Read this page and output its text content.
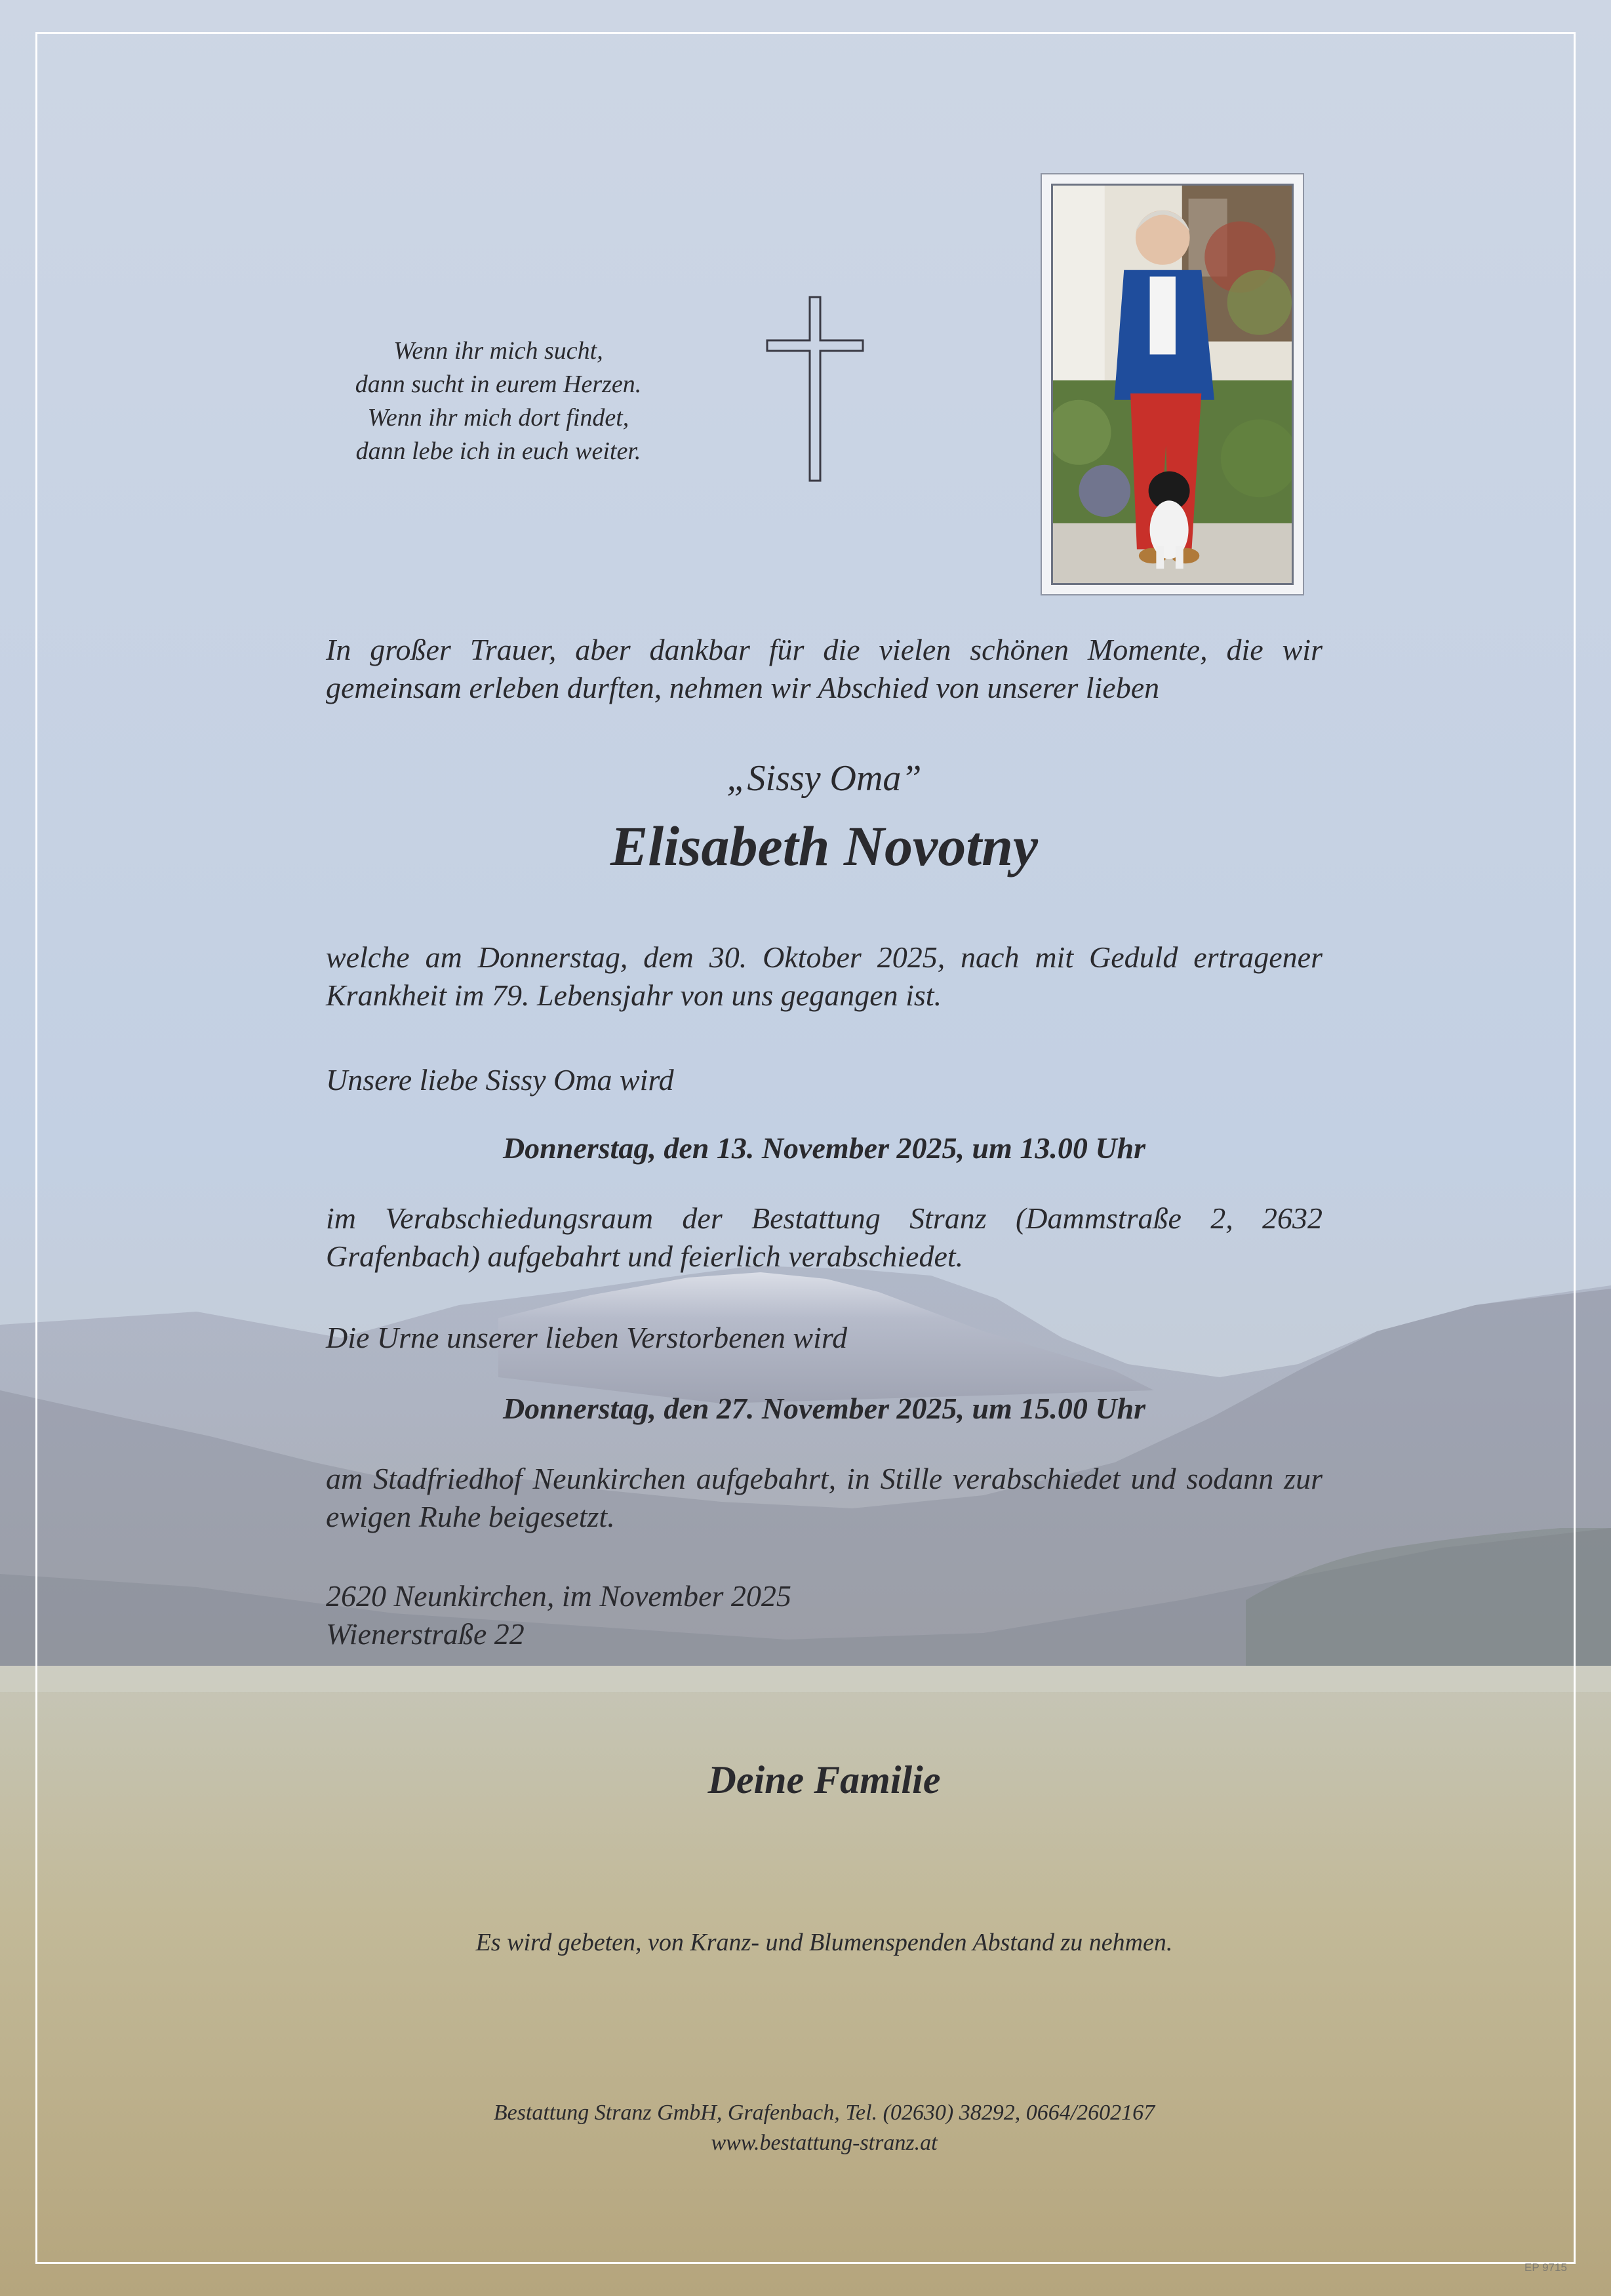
Wenn ihr mich sucht,
dann sucht in eurem Herzen.
Wenn ihr mich dort findet,
dann lebe ich in euch weiter.

In großer Trauer, aber dankbar für die vielen schönen Momente, die wir gemeinsam erleben durften, nehmen wir Abschied von unserer lieben

„Sissy Oma”

Elisabeth Novotny

welche am Donnerstag, dem 30. Oktober 2025, nach mit Geduld ertragener Krankheit im 79. Lebensjahr von uns gegangen ist.

Unsere liebe Sissy Oma wird

Donnerstag, den 13. November 2025, um 13.00 Uhr

im Verabschiedungsraum der Bestattung Stranz (Dammstraße 2, 2632 Grafenbach) aufgebahrt und feierlich verabschiedet.

Die Urne unserer lieben Verstorbenen wird

Donnerstag, den 27. November 2025, um 15.00 Uhr

am Stadfriedhof Neunkirchen aufgebahrt, in Stille verabschiedet und sodann zur ewigen Ruhe beigesetzt.

2620 Neunkirchen, im November 2025
Wienerstraße 22

Deine Familie

Es wird gebeten, von Kranz- und Blumenspenden Abstand zu nehmen.

Bestattung Stranz GmbH, Grafenbach, Tel. (02630) 38292, 0664/2602167
www.bestattung-stranz.at
EP 9715
